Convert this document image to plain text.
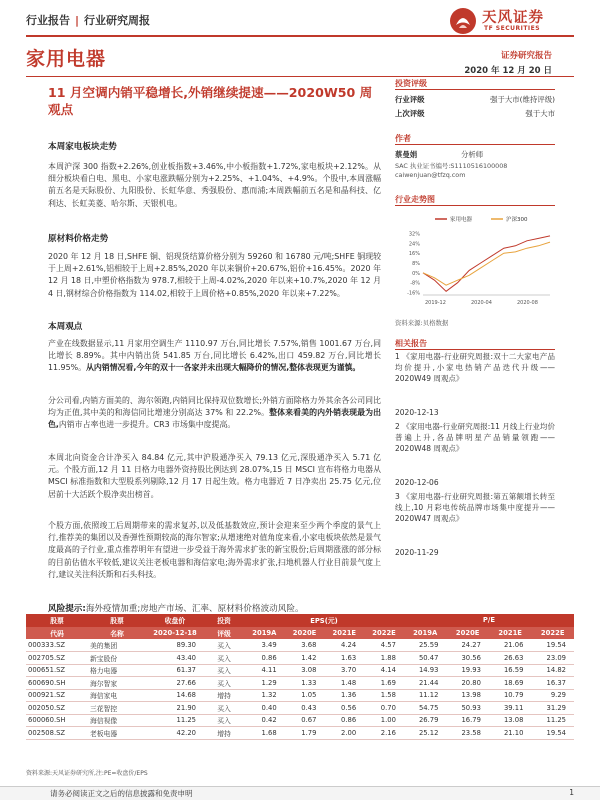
行业报告 | 行业研究周报	天风证券
TF SECURITIES
家用电器	证券研究报告
2020 年 12 月 20 日
11 月空调内销平稳增长,外销继续提速——2020W50 周观点
本周家电板块走势
本周沪深 300 指数+2.26%,创业板指数+3.46%,中小板指数+1.72%,家电板块+2.12%。从细分板块看白电、黑电、小家电涨跌幅分别为+2.25%、+1.04%、+4.9%。个股中,本周涨幅前五名是天际股份、九阳股份、长虹华意、秀强股份、惠而浦;本周跌幅前五名是和晶科技、亿利达、长虹美菱、哈尔斯、天银机电。
原材料价格走势
2020 年 12 月 18 日,SHFE 铜、铝现货结算价格分别为 59260 和 16780 元/吨;SHFE 铜现较于上周+2.61%,铝相较于上周+2.85%,2020 年以来铜价+20.67%,铝价+16.45%。2020 年 12 月 18 日,中塑价格指数为 978.7,相较于上周-4.02%,2020 年以来+10.7%,2020 年 12 月 4 日,钢材综合价格指数为 114.02,相较于上周价格+0.85%,2020 年以来+7.22%。
本周观点
产业在线数据显示,11 月家用空调生产 1110.97 万台,同比增长 7.57%,销售 1001.67 万台,同比增长 8.89%。其中内销出货 541.85 万台,同比增长 6.42%,出口 459.82 万台,同比增长 11.95%。从内销情况看,今年的双十一各家并未出现大幅降价的情况,整体表现更为谨慎。
分公司看,内销方面美的、海尔领跑,内销同比保持双位数增长;外销方面除格力外其余各公司同比均为正值,其中美的和海信同比增速分别高达 37% 和 22.2%。整体来看美的内外销表现最为出色,内销市占率也进一步提升。CR3 市场集中度提高。
本周北向资金合计净买入 84.84 亿元,其中沪股通净买入 79.13 亿元,深股通净买入 5.71 亿元。个股方面,12 月 11 日格力电器外资持股比例达到 28.07%,15 日 MSCI 宣布将格力电器从 MSCI 标准指数和大型股系列剔除,12 月 17 日起生效。格力电器近 7 日净卖出 25.75 亿元,位居前十大活跃个股净卖出榜首。
个股方面,依照竣工后周期带来的需求复苏,以及低基数效应,预计会迎来至少两个季度的景气上行,推荐美的集团以及香弹性预期较高的海尔智家;从增速绝对值角度来看,小家电板块依然是景气度最高的子行业,重点推荐明年有望进一步受益于海外需求扩张的新宝股份;后周期涨涨的部分标的目前估值水平较低,建议关注老板电器和海信家电;海外需求扩张,扫地机器人行业目前景气度上行,建议关注科沃斯和石头科技。
风险提示:海外疫情加重;房地产市场、汇率、原材料价格波动风险。
投资评级
行业评级	强于大市(维持评级)
上次评级	强于大市
作者
蔡曼娟	分析师
SAC 执业证书编号:S1110516100008
caiwenjuan@tfzq.com
行业走势图
家用电器	沪深300
32%
24%
16%
8%
0%
-8%
-16%
2019-12	2020-04	2020-08
资料来源:贝格数据
相关报告
1 《家用电器-行业研究周报:双十二大家电产品均价提升,小家电热销产品迭代升级——2020W49 周观点》
2020-12-13
2 《家用电器-行业研究周报:11 月线上行业均价普遍上升,各品牌明星产品销量领跑——2020W48 周观点》
2020-12-06
3 《家用电器-行业研究周报:第五第额增长转至线上,10 月彩电传统品牌市场集中度提升——2020W47 周观点》
2020-11-29
股票	股票	收盘价	投资	EPS(元)				P/E			
代码	名称	2020-12-18	评级	2019A	2020E	2021E	2022E	2019A	2020E	2021E	2022E
000333.SZ	美的集团	89.30	买入	3.49	3.68	4.24	4.57	25.59	24.27	21.06	19.54
002705.SZ	新宝股份	43.40	买入	0.86	1.42	1.63	1.88	50.47	30.56	26.63	23.09
000651.SZ	格力电器	61.37	买入	4.11	3.08	3.70	4.14	14.93	19.93	16.59	14.82
600690.SH	海尔智家	27.66	买入	1.29	1.33	1.48	1.69	21.44	20.80	18.69	16.37
000921.SZ	海信家电	14.68	增持	1.32	1.05	1.36	1.58	11.12	13.98	10.79	9.29
002050.SZ	三花智控	21.90	买入	0.40	0.43	0.56	0.70	54.75	50.93	39.11	31.29
600060.SH	海信视像	11.25	买入	0.42	0.67	0.86	1.00	26.79	16.79	13.08	11.25
002508.SZ	老板电器	42.20	增持	1.68	1.79	2.00	2.16	25.12	23.58	21.10	19.54
资料来源:天风证券研究所,注:PE=收盘价/EPS
请务必阅读正文之后的信息披露和免责申明	1
